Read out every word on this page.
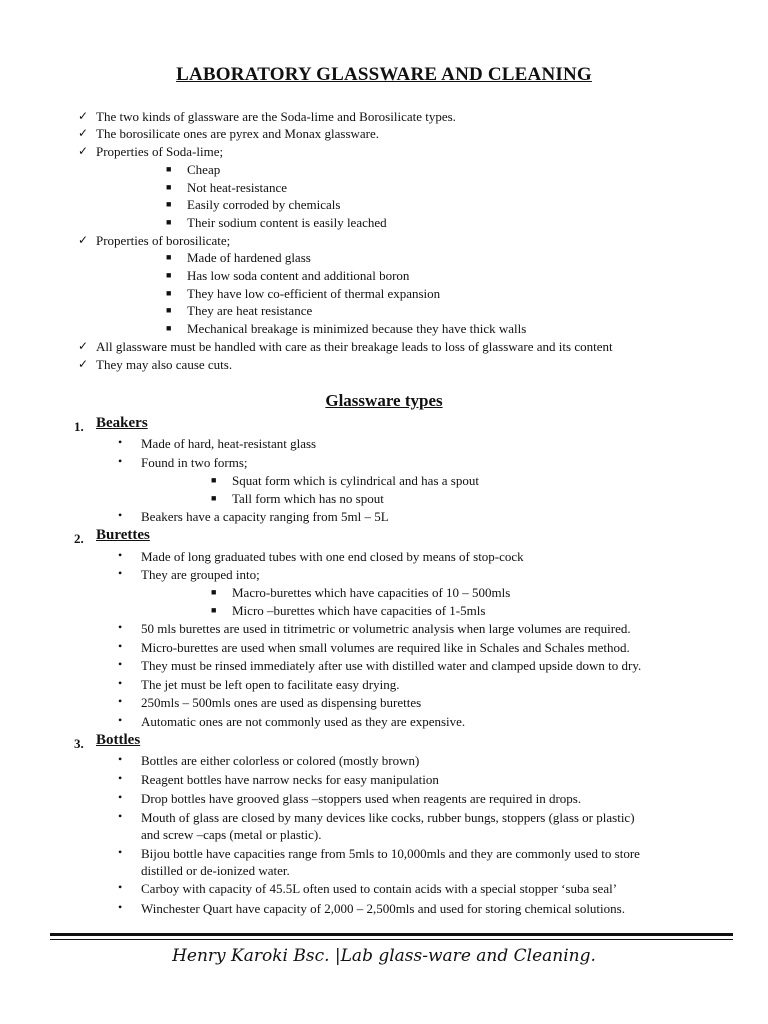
LABORATORY GLASSWARE AND CLEANING
✓ The two kinds of glassware are the Soda-lime and Borosilicate types.
✓ The borosilicate ones are pyrex and Monax glassware.
✓ Properties of Soda-lime;
■ Cheap
■ Not heat-resistance
■ Easily corroded by chemicals
■ Their sodium content is easily leached
✓ Properties of borosilicate;
■ Made of hardened glass
■ Has low soda content and additional boron
■ They have low co-efficient of thermal expansion
■ They are heat resistance
■ Mechanical breakage is minimized because they have thick walls
✓ All glassware must be handled with care as their breakage leads to loss of glassware and its content
✓ They may also cause cuts.
Glassware types
1. Beakers
• Made of hard, heat-resistant glass
• Found in two forms;
■ Squat form which is cylindrical and has a spout
■ Tall form which has no spout
• Beakers have a capacity ranging from 5ml – 5L
2. Burettes
• Made of long graduated tubes with one end closed by means of stop-cock
• They are grouped into;
■ Macro-burettes which have capacities of 10 – 500mls
■ Micro –burettes which have capacities of 1-5mls
• 50 mls burettes are used in titrimetric or volumetric analysis when large volumes are required.
• Micro-burettes are used when small volumes are required like in Schales and Schales method.
• They must be rinsed immediately after use with distilled water and clamped upside down to dry.
• The jet must be left open to facilitate easy drying.
• 250mls – 500mls ones are used as dispensing burettes
• Automatic ones are not commonly used as they are expensive.
3. Bottles
• Bottles are either colorless or colored (mostly brown)
• Reagent bottles have narrow necks for easy manipulation
• Drop bottles have grooved glass –stoppers used when reagents are required in drops.
• Mouth of glass are closed by many devices like cocks, rubber bungs, stoppers (glass or plastic)
and screw –caps (metal or plastic).
• Bijou bottle have capacities range from 5mls to 10,000mls and they are commonly used to store
distilled or de-ionized water.
• Carboy with capacity of 45.5L often used to contain acids with a special stopper ‘suba seal’
• Winchester Quart have capacity of 2,000 – 2,500mls and used for storing chemical solutions.
Henry Karoki Bsc. |Lab glass-ware and Cleaning.
